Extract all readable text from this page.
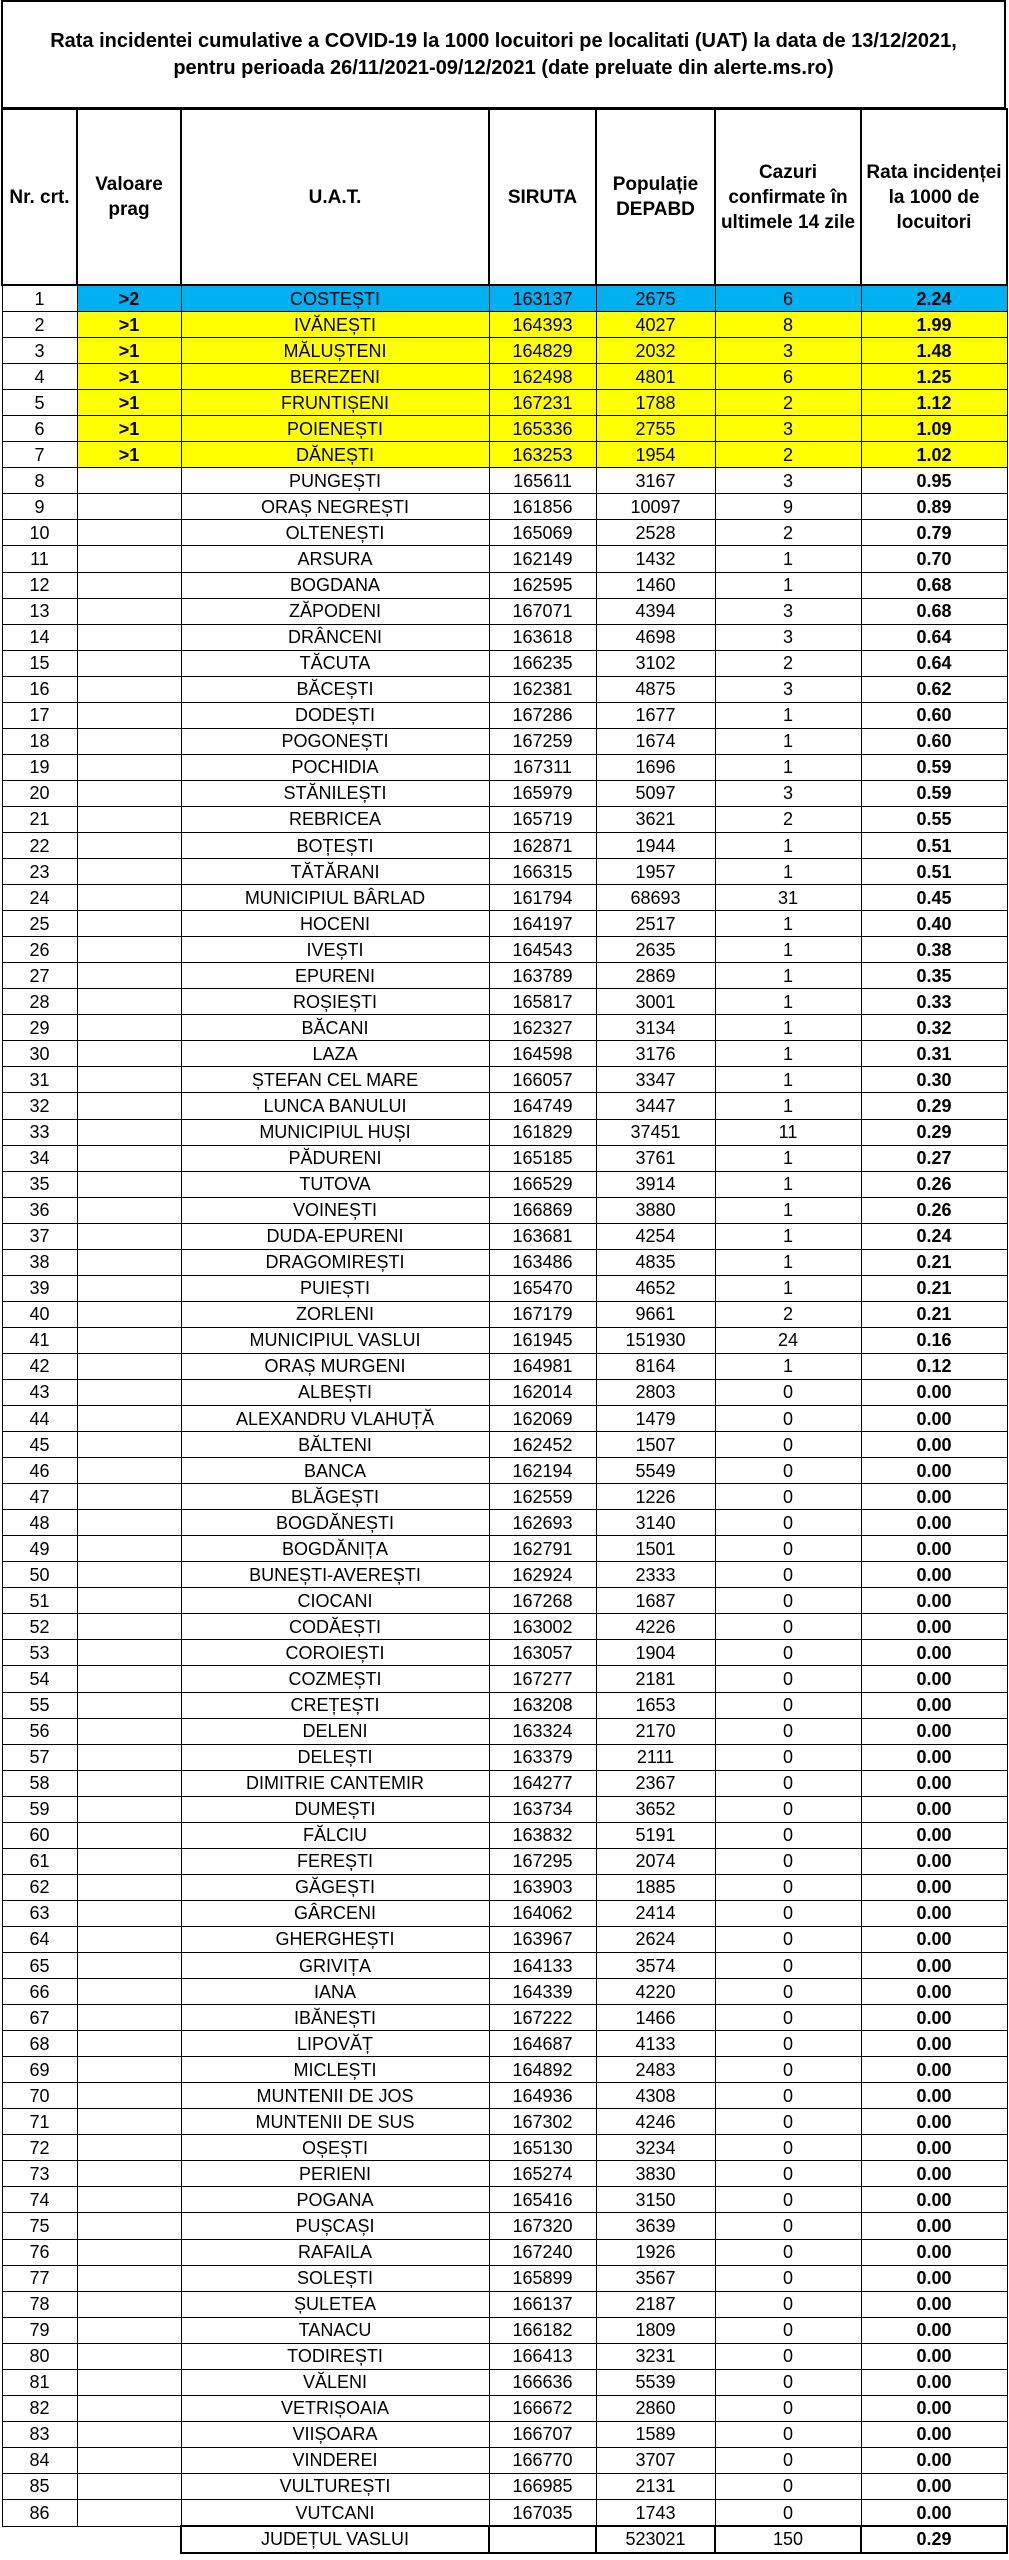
Rata incidentei cumulative a COVID-19 la 1000 locuitori pe localitati (UAT) la data de 13/12/2021,
pentru perioada 26/11/2021-09/12/2021 (date preluate din alerte.ms.ro)
Nr. crt.	Valoare prag	U.A.T.	SIRUTA	Populație DEPABD	Cazuri confirmate în ultimele 14 zile	Rata incidenței la 1000 de locuitori
1	>2	COSTEȘTI	163137	2675	6	2.24
2	>1	IVĂNEȘTI	164393	4027	8	1.99
3	>1	MĂLUȘTENI	164829	2032	3	1.48
4	>1	BEREZENI	162498	4801	6	1.25
5	>1	FRUNTIȘENI	167231	1788	2	1.12
6	>1	POIENEȘTI	165336	2755	3	1.09
7	>1	DĂNEȘTI	163253	1954	2	1.02
8		PUNGEȘTI	165611	3167	3	0.95
9		ORAȘ NEGREȘTI	161856	10097	9	0.89
10		OLTENEȘTI	165069	2528	2	0.79
11		ARSURA	162149	1432	1	0.70
12		BOGDANA	162595	1460	1	0.68
13		ZĂPODENI	167071	4394	3	0.68
14		DRÂNCENI	163618	4698	3	0.64
15		TĂCUTA	166235	3102	2	0.64
16		BĂCEȘTI	162381	4875	3	0.62
17		DODEȘTI	167286	1677	1	0.60
18		POGONEȘTI	167259	1674	1	0.60
19		POCHIDIA	167311	1696	1	0.59
20		STĂNILEȘTI	165979	5097	3	0.59
21		REBRICEA	165719	3621	2	0.55
22		BOȚEȘTI	162871	1944	1	0.51
23		TĂTĂRANI	166315	1957	1	0.51
24		MUNICIPIUL BÂRLAD	161794	68693	31	0.45
25		HOCENI	164197	2517	1	0.40
26		IVEȘTI	164543	2635	1	0.38
27		EPURENI	163789	2869	1	0.35
28		ROȘIEȘTI	165817	3001	1	0.33
29		BĂCANI	162327	3134	1	0.32
30		LAZA	164598	3176	1	0.31
31		ȘTEFAN CEL MARE	166057	3347	1	0.30
32		LUNCA BANULUI	164749	3447	1	0.29
33		MUNICIPIUL HUȘI	161829	37451	11	0.29
34		PĂDURENI	165185	3761	1	0.27
35		TUTOVA	166529	3914	1	0.26
36		VOINEȘTI	166869	3880	1	0.26
37		DUDA-EPURENI	163681	4254	1	0.24
38		DRAGOMIREȘTI	163486	4835	1	0.21
39		PUIEȘTI	165470	4652	1	0.21
40		ZORLENI	167179	9661	2	0.21
41		MUNICIPIUL VASLUI	161945	151930	24	0.16
42		ORAȘ MURGENI	164981	8164	1	0.12
43		ALBEȘTI	162014	2803	0	0.00
44		ALEXANDRU VLAHUȚĂ	162069	1479	0	0.00
45		BĂLTENI	162452	1507	0	0.00
46		BANCA	162194	5549	0	0.00
47		BLĂGEȘTI	162559	1226	0	0.00
48		BOGDĂNEȘTI	162693	3140	0	0.00
49		BOGDĂNIȚA	162791	1501	0	0.00
50		BUNEȘTI-AVEREȘTI	162924	2333	0	0.00
51		CIOCANI	167268	1687	0	0.00
52		CODĂEȘTI	163002	4226	0	0.00
53		COROIEȘTI	163057	1904	0	0.00
54		COZMEȘTI	167277	2181	0	0.00
55		CREȚEȘTI	163208	1653	0	0.00
56		DELENI	163324	2170	0	0.00
57		DELEȘTI	163379	2111	0	0.00
58		DIMITRIE CANTEMIR	164277	2367	0	0.00
59		DUMEȘTI	163734	3652	0	0.00
60		FĂLCIU	163832	5191	0	0.00
61		FEREȘTI	167295	2074	0	0.00
62		GĂGEȘTI	163903	1885	0	0.00
63		GÂRCENI	164062	2414	0	0.00
64		GHERGHEȘTI	163967	2624	0	0.00
65		GRIVIȚA	164133	3574	0	0.00
66		IANA	164339	4220	0	0.00
67		IBĂNEȘTI	167222	1466	0	0.00
68		LIPOVĂȚ	164687	4133	0	0.00
69		MICLEȘTI	164892	2483	0	0.00
70		MUNTENII DE JOS	164936	4308	0	0.00
71		MUNTENII DE SUS	167302	4246	0	0.00
72		OȘEȘTI	165130	3234	0	0.00
73		PERIENI	165274	3830	0	0.00
74		POGANA	165416	3150	0	0.00
75		PUȘCAȘI	167320	3639	0	0.00
76		RAFAILA	167240	1926	0	0.00
77		SOLEȘTI	165899	3567	0	0.00
78		ȘULETEA	166137	2187	0	0.00
79		TANACU	166182	1809	0	0.00
80		TODIREȘTI	166413	3231	0	0.00
81		VĂLENI	166636	5539	0	0.00
82		VETRIȘOAIA	166672	2860	0	0.00
83		VIIȘOARA	166707	1589	0	0.00
84		VINDEREI	166770	3707	0	0.00
85		VULTUREȘTI	166985	2131	0	0.00
86		VUTCANI	167035	1743	0	0.00
		JUDEȚUL VASLUI		523021	150	0.29
